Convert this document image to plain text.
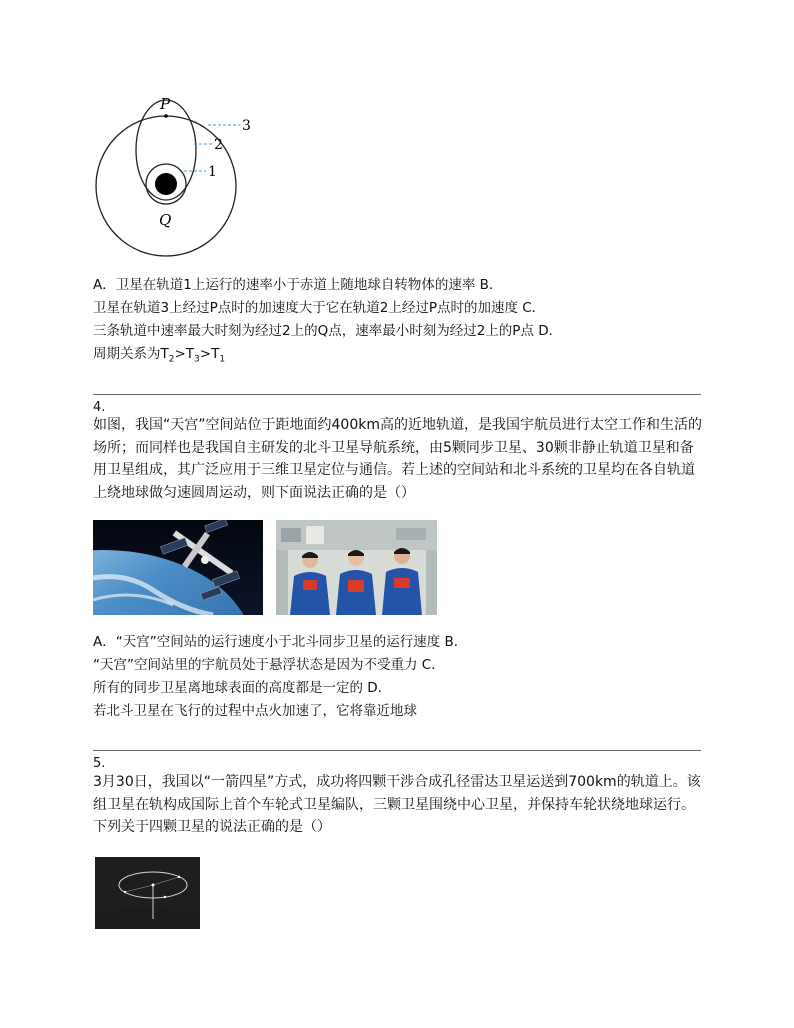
P
Q
3
2
1
A．卫星在轨道1上运行的速率小于赤道上随地球自转物体的速率 B．
卫星在轨道3上经过P点时的加速度大于它在轨道2上经过P点时的加速度 C．
三条轨道中速率最大时刻为经过2上的Q点，速率最小时刻为经过2上的P点 D．
周期关系为$T_2>T_3>T_1$
4.
如图，我国“天宫”空间站位于距地面约400km高的近地轨道，是我国宇航员进行太空工作和生活的场所；而同样也是我国自主研发的北斗卫星导航系统，由5颗同步卫星、30颗非静止轨道卫星和备用卫星组成，其广泛应用于三维卫星定位与通信。若上述的空间站和北斗系统的卫星均在各自轨道上绕地球做匀速圆周运动，则下面说法正确的是（）
A．“天宫”空间站的运行速度小于北斗同步卫星的运行速度 B．
“天宫”空间站里的宇航员处于悬浮状态是因为不受重力 C．
所有的同步卫星离地球表面的高度都是一定的 D．
若北斗卫星在飞行的过程中点火加速了，它将靠近地球
5.
3月30日，我国以“一箭四星”方式，成功将四颗干涉合成孔径雷达卫星运送到700km的轨道上。该组卫星在轨构成国际上首个车轮式卫星编队，三颗卫星围绕中心卫星，并保持车轮状绕地球运行。下列关于四颗卫星的说法正确的是（）
